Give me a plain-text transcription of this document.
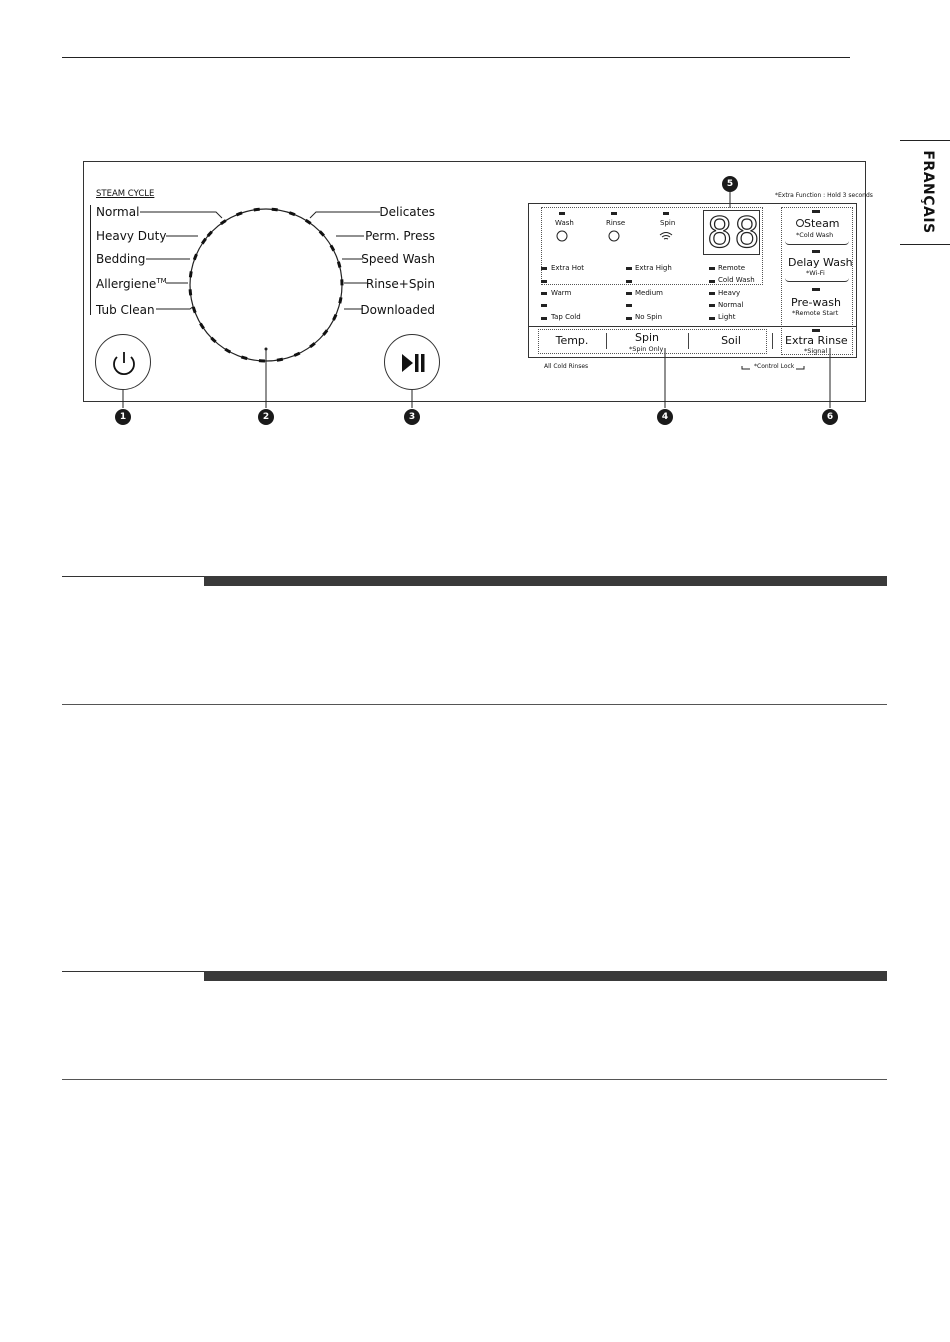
FRANÇAIS
STEAM CYCLE
Normal
Heavy Duty
Bedding
Allergiene™
Tub Clean
Delicates
Perm. Press
Speed Wash
Rinse+Spin
Downloaded
1	2	3	4
5
6
*Extra Function : Hold 3 seconds
Wash	Rinse	Spin 88
Extra Hot
Warm
Tap Cold
Extra High
Medium
No Spin
Remote
Cold Wash
Heavy
Normal
Light
Temp.	Spin
*Spin Only
Soil
All Cold Rinses	*Control Lock
Steam
*Cold Wash
Delay Wash
*Wi-Fi
Pre-wash
*Remote Start
Extra Rinse
*Signal
